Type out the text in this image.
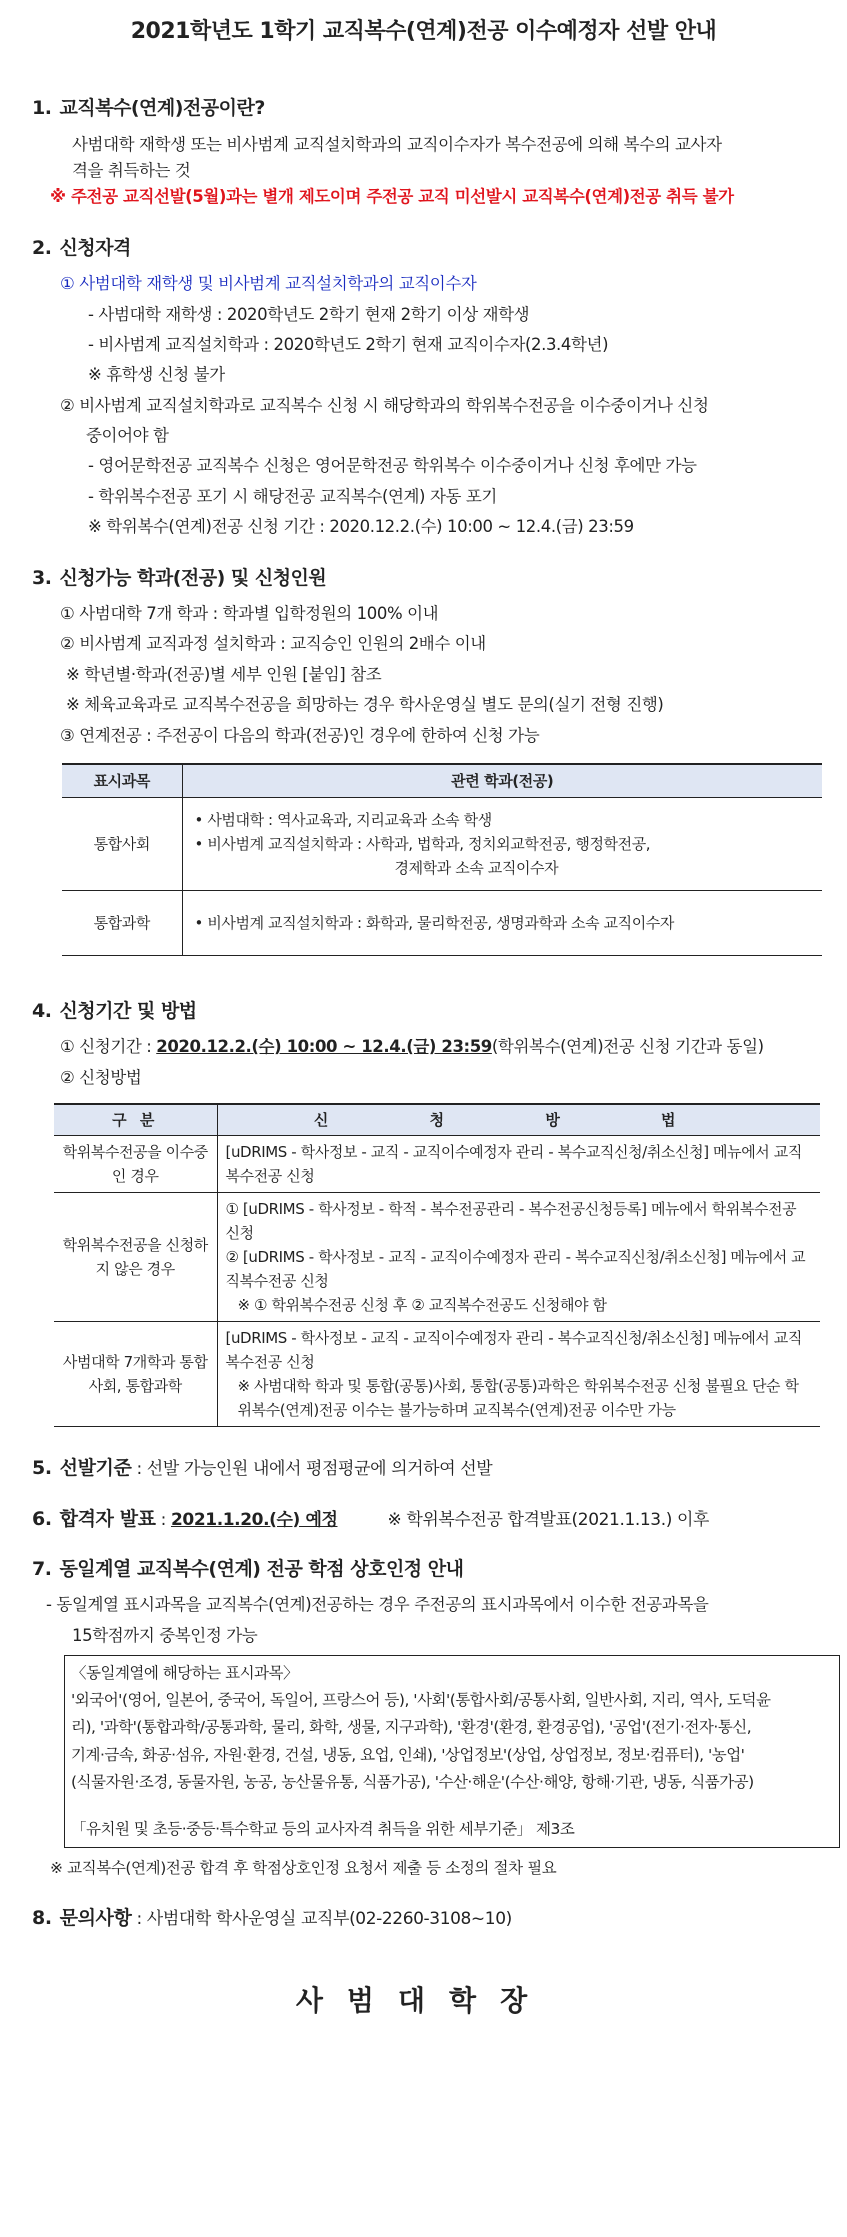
2021학년도 1학기 교직복수(연계)전공 이수예정자 선발 안내
1. 교직복수(연계)전공이란?
사범대학 재학생 또는 비사범계 교직설치학과의 교직이수자가 복수전공에 의해 복수의 교사자
격을 취득하는 것
※ 주전공 교직선발(5월)과는 별개 제도이며 주전공 교직 미선발시 교직복수(연계)전공 취득 불가
2. 신청자격
① 사범대학 재학생 및 비사범계 교직설치학과의 교직이수자
- 사범대학 재학생 : 2020학년도 2학기 현재 2학기 이상 재학생
- 비사범계 교직설치학과 : 2020학년도 2학기 현재 교직이수자(2.3.4학년)
※ 휴학생 신청 불가
② 비사범계 교직설치학과로 교직복수 신청 시 해당학과의 학위복수전공을 이수중이거나 신청
중이어야 함
- 영어문학전공 교직복수 신청은 영어문학전공 학위복수 이수중이거나 신청 후에만 가능
- 학위복수전공 포기 시 해당전공 교직복수(연계) 자동 포기
※ 학위복수(연계)전공 신청 기간 : 2020.12.2.(수) 10:00 ~ 12.4.(금) 23:59
3. 신청가능 학과(전공) 및 신청인원
① 사범대학 7개 학과 : 학과별 입학정원의 100% 이내
② 비사범계 교직과정 설치학과 : 교직승인 인원의 2배수 이내
※ 학년별·학과(전공)별 세부 인원 [붙임] 참조
※ 체육교육과로 교직복수전공을 희망하는 경우 학사운영실 별도 문의(실기 전형 진행)
③ 연계전공 : 주전공이 다음의 학과(전공)인 경우에 한하여 신청 가능
표시과목	관련 학과(전공)
통합사회	• 사범대학 : 역사교육과, 지리교육과 소속 학생
• 비사범계 교직설치학과 : 사학과, 법학과, 정치외교학전공, 행정학전공,
경제학과 소속 교직이수자

통합과학	• 비사범계 교직설치학과 : 화학과, 물리학전공, 생명과학과 소속 교직이수자
4. 신청기간 및 방법
① 신청기간 : 2020.12.2.(수) 10:00 ~ 12.4.(금) 23:59(학위복수(연계)전공 신청 기간과 동일)
② 신청방법
구 분	신 청 방 법
학위복수전공을 이수중인 경우	[uDRIMS - 학사정보 - 교직 - 교직이수예정자 관리 - 복수교직신청/취소신청] 메뉴에서 교직복수전공 신청

학위복수전공을 신청하지 않은 경우	① [uDRIMS - 학사정보 - 학적 - 복수전공관리 - 복수전공신청등록] 메뉴에서 학위복수전공 신청
② [uDRIMS - 학사정보 - 교직 - 교직이수예정자 관리 - 복수교직신청/취소신청] 메뉴에서 교직복수전공 신청
※ ① 학위복수전공 신청 후 ② 교직복수전공도 신청해야 함

사범대학 7개학과 통합사회, 통합과학	[uDRIMS - 학사정보 - 교직 - 교직이수예정자 관리 - 복수교직신청/취소신청] 메뉴에서 교직복수전공 신청
※ 사범대학 학과 및 통합(공통)사회, 통합(공통)과학은 학위복수전공 신청 불필요 단순 학위복수(연계)전공 이수는 불가능하며 교직복수(연계)전공 이수만 가능
5. 선발기준 : 선발 가능인원 내에서 평점평균에 의거하여 선발
6. 합격자 발표 : 2021.1.20.(수) 예정	※ 학위복수전공 합격발표(2021.1.13.) 이후
7. 동일계열 교직복수(연계) 전공 학점 상호인정 안내
- 동일계열 표시과목을 교직복수(연계)전공하는 경우 주전공의 표시과목에서 이수한 전공과목을
15학점까지 중복인정 가능
〈동일계열에 해당하는 표시과목〉
'외국어'(영어, 일본어, 중국어, 독일어, 프랑스어 등), '사회'(통합사회/공통사회, 일반사회, 지리, 역사, 도덕윤
리), '과학'(통합과학/공통과학, 물리, 화학, 생물, 지구과학), '환경'(환경, 환경공업), '공업'(전기·전자·통신,
기계·금속, 화공·섬유, 자원·환경, 건설, 냉동, 요업, 인쇄), '상업정보'(상업, 상업정보, 정보·컴퓨터), '농업'
(식물자원·조경, 동물자원, 농공, 농산물유통, 식품가공), '수산·해운'(수산·해양, 항해·기관, 냉동, 식품가공)
「유치원 및 초등·중등·특수학교 등의 교사자격 취득을 위한 세부기준」 제3조
※ 교직복수(연계)전공 합격 후 학점상호인정 요청서 제출 등 소정의 절차 필요
8. 문의사항 : 사범대학 학사운영실 교직부(02-2260-3108~10)
사범대학장
